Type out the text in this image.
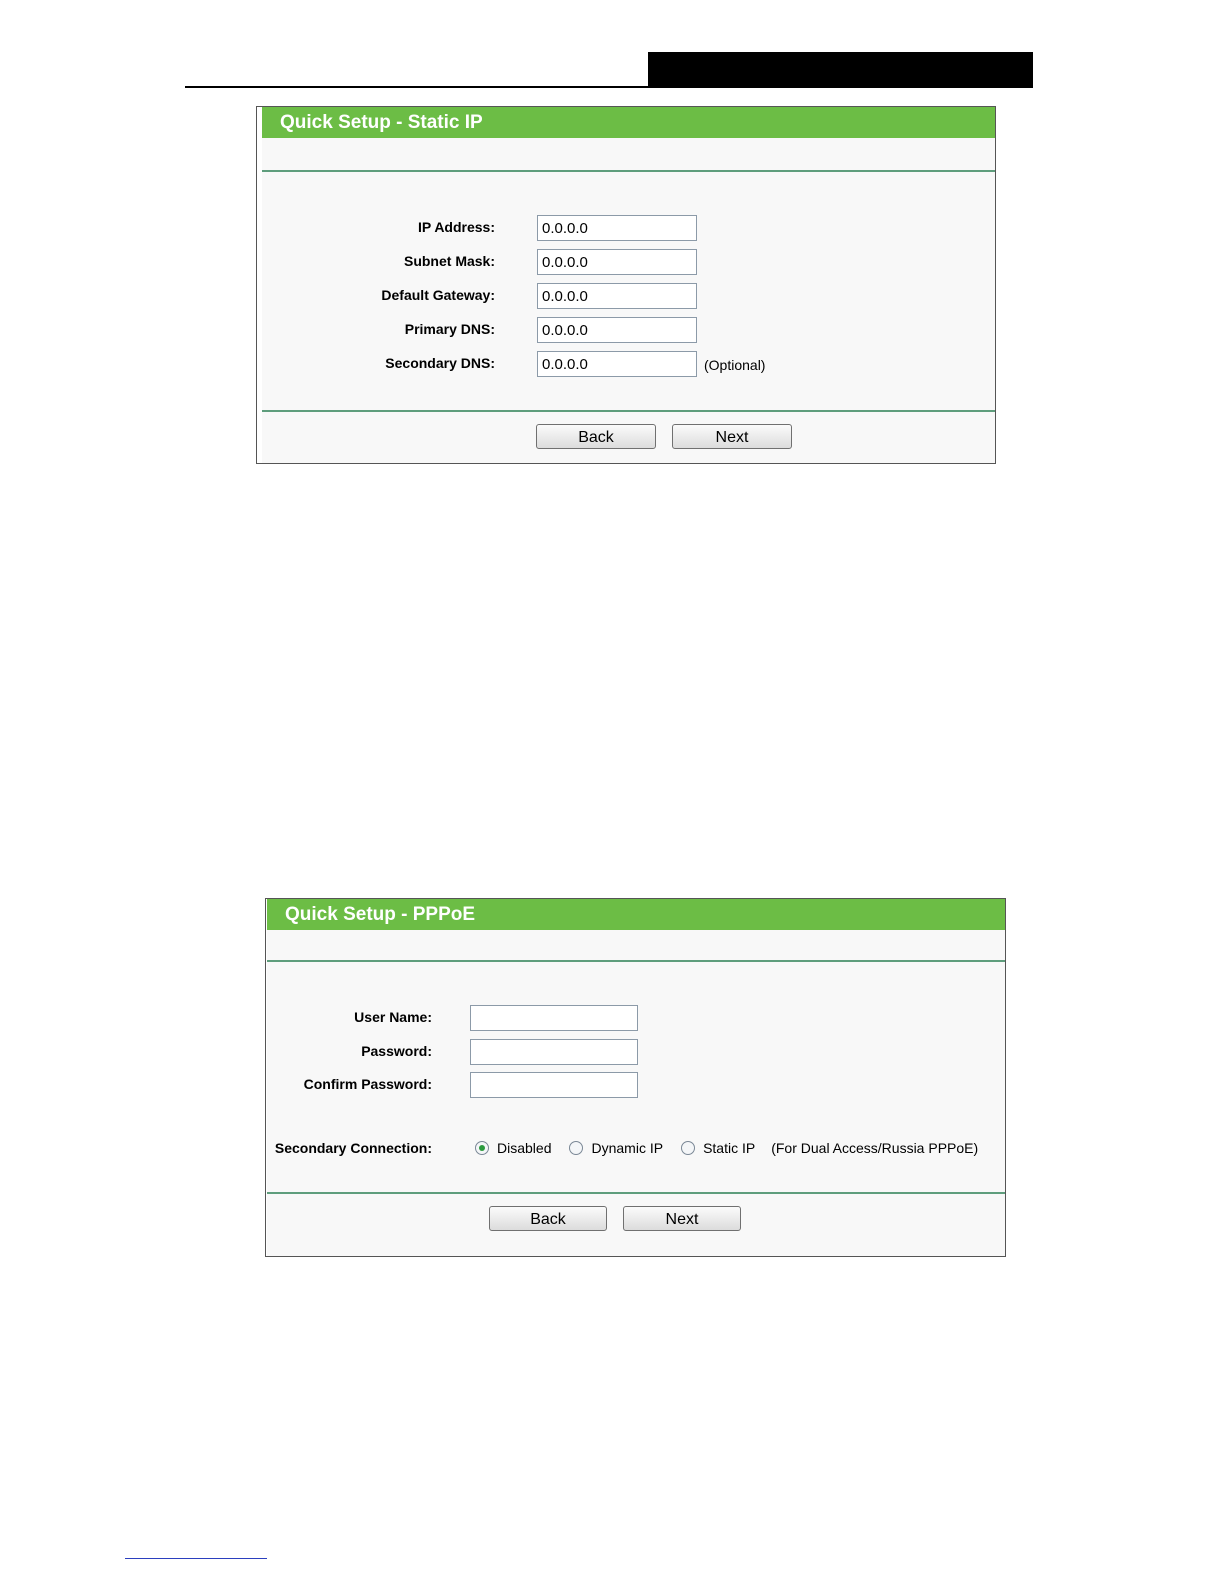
Quick Setup - Static IP
IP Address:
0.0.0.0
Subnet Mask:
0.0.0.0
Default Gateway:
0.0.0.0
Primary DNS:
0.0.0.0
Secondary DNS:
0.0.0.0	(Optional)
Back	Next
Quick Setup - PPPoE
User Name:
Password:
Confirm Password:
Secondary Connection:	Disabled	Dynamic IP	Static IP (For Dual Access/Russia PPPoE)
Back	Next
